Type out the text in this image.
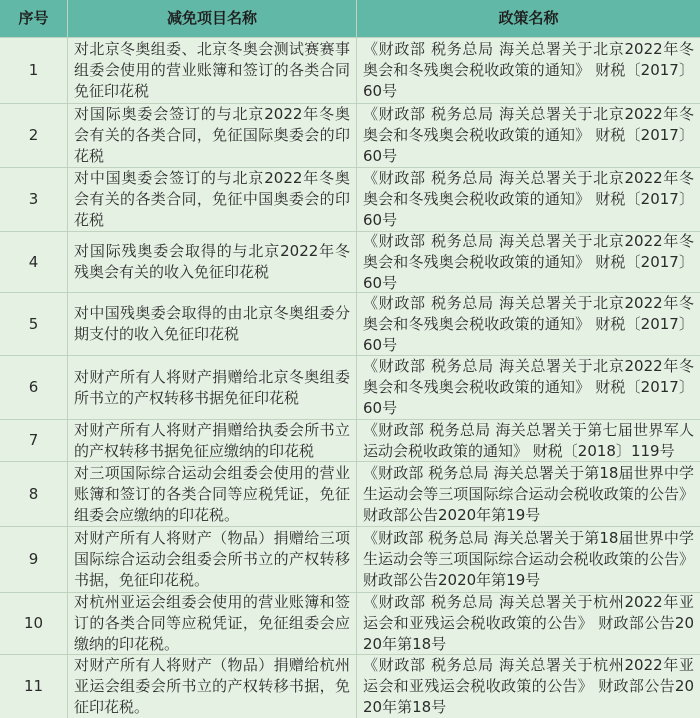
序号	减免项目名称	政策名称
1
对北京冬奥组委、北京冬奥会测试赛赛事组委会使用的营业账簿和签订的各类合同免征印花税
《财政部 税务总局 海关总署关于北京2022年冬奥会和冬残奥会税收政策的通知》 财税〔2017〕60号
2
对国际奥委会签订的与北京2022年冬奥会有关的各类合同，免征国际奥委会的印花税
《财政部 税务总局 海关总署关于北京2022年冬奥会和冬残奥会税收政策的通知》 财税〔2017〕60号
3
对中国奥委会签订的与北京2022年冬奥会有关的各类合同，免征中国奥委会的印花税
《财政部 税务总局 海关总署关于北京2022年冬奥会和冬残奥会税收政策的通知》 财税〔2017〕60号
4
对国际残奥委会取得的与北京2022年冬残奥会有关的收入免征印花税
《财政部 税务总局 海关总署关于北京2022年冬奥会和冬残奥会税收政策的通知》 财税〔2017〕60号
5
对中国残奥委会取得的由北京冬奥组委分期支付的收入免征印花税
《财政部 税务总局 海关总署关于北京2022年冬奥会和冬残奥会税收政策的通知》 财税〔2017〕60号
6
对财产所有人将财产捐赠给北京冬奥组委所书立的产权转移书据免征印花税
《财政部 税务总局 海关总署关于北京2022年冬奥会和冬残奥会税收政策的通知》 财税〔2017〕60号
7
对财产所有人将财产捐赠给执委会所书立的产权转移书据免征应缴纳的印花税
《财政部 税务总局 海关总署关于第七届世界军人运动会税收政策的通知》 财税〔2018〕119号
8
对三项国际综合运动会组委会使用的营业账簿和签订的各类合同等应税凭证，免征组委会应缴纳的印花税。
《财政部 税务总局 海关总署关于第18届世界中学生运动会等三项国际综合运动会税收政策的公告》财政部公告2020年第19号
9
对财产所有人将财产（物品）捐赠给三项国际综合运动会组委会所书立的产权转移书据，免征印花税。
《财政部 税务总局 海关总署关于第18届世界中学生运动会等三项国际综合运动会税收政策的公告》财政部公告2020年第19号
10
对杭州亚运会组委会使用的营业账簿和签订的各类合同等应税凭证，免征组委会应缴纳的印花税。
《财政部 税务总局 海关总署关于杭州2022年亚运会和亚残运会税收政策的公告》 财政部公告2020年第18号
11
对财产所有人将财产（物品）捐赠给杭州亚运会组委会所书立的产权转移书据，免征印花税。
《财政部 税务总局 海关总署关于杭州2022年亚运会和亚残运会税收政策的公告》 财政部公告2020年第18号
